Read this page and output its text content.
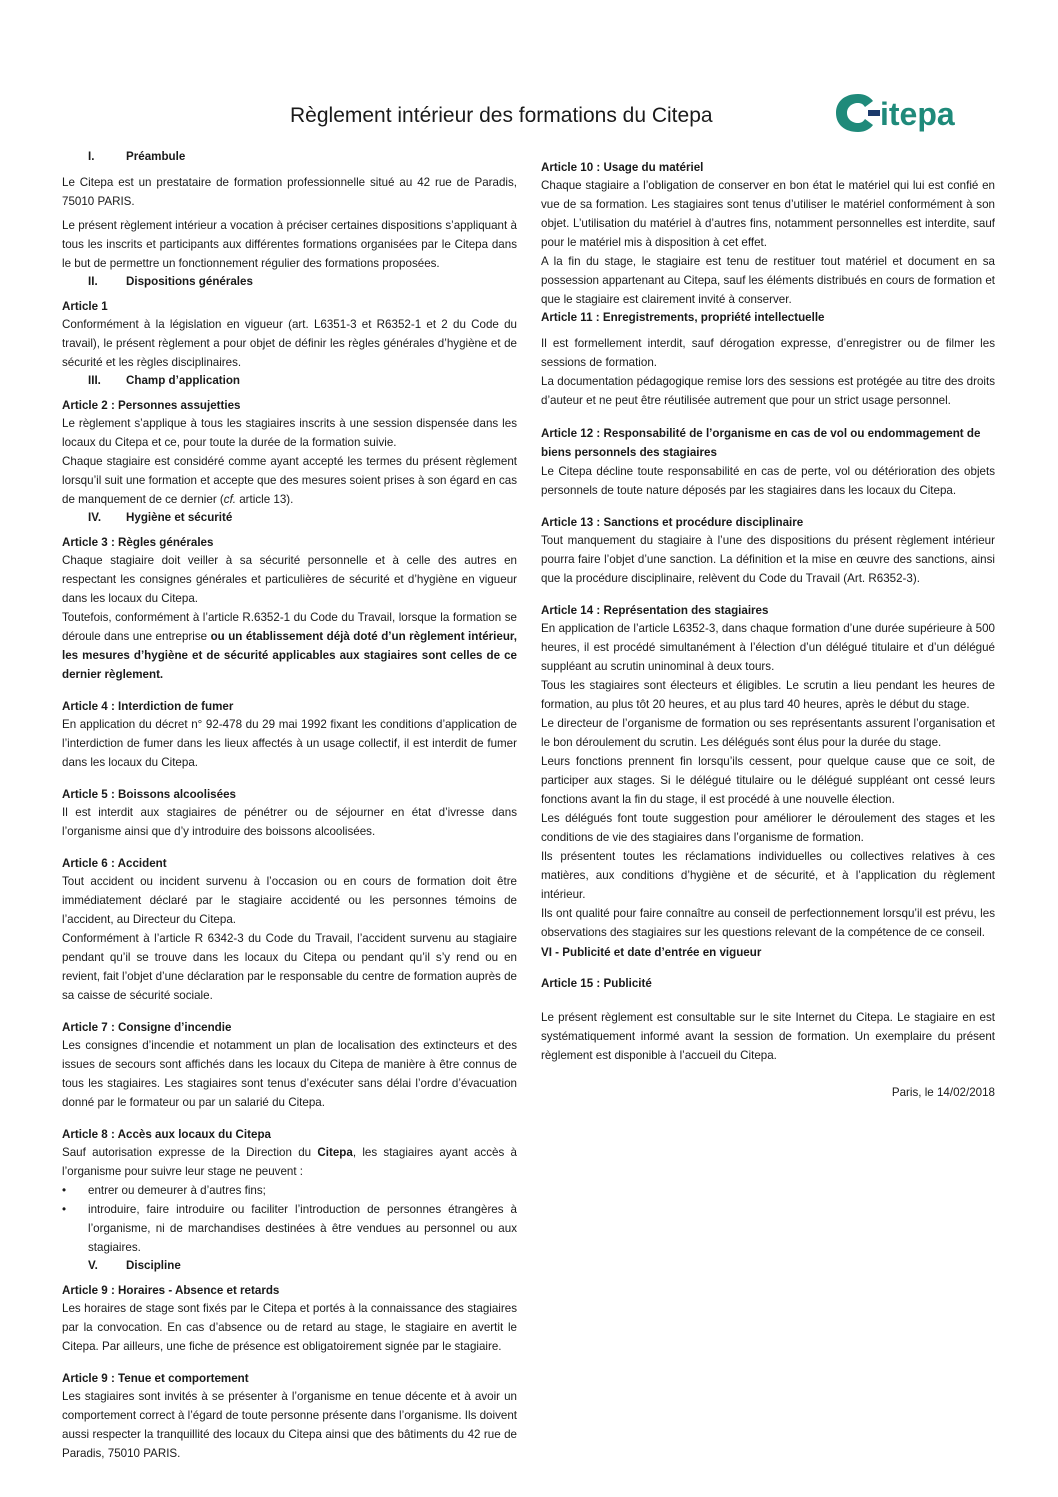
Règlement intérieur des formations du Citepa	itepa
I.	Préambule

Le Citepa est un prestataire de formation professionnelle situé au 42 rue de Paradis, 75010 PARIS.

Le présent règlement intérieur a vocation à préciser certaines dispositions s’appliquant à tous les inscrits et participants aux différentes formations organisées par le Citepa dans le but de permettre un fonctionnement régulier des formations proposées.

II.	Dispositions générales
Article 1

Conformément à la législation en vigueur (art. L6351-3 et R6352-1 et 2 du Code du travail), le présent règlement a pour objet de définir les règles générales d’hygiène et de sécurité et les règles disciplinaires.

III.	Champ d’application
Article 2 : Personnes assujetties

Le règlement s’applique à tous les stagiaires inscrits à une session dispensée dans les locaux du Citepa et ce, pour toute la durée de la formation suivie.

Chaque stagiaire est considéré comme ayant accepté les termes du présent règlement lorsqu’il suit une formation et accepte que des mesures soient prises à son égard en cas de manquement de ce dernier (cf. article 13).

IV.	Hygiène et sécurité
Article 3 : Règles générales

Chaque stagiaire doit veiller à sa sécurité personnelle et à celle des autres en respectant les consignes générales et particulières de sécurité et d’hygiène en vigueur dans les locaux du Citepa.

Toutefois, conformément à l’article R.6352-1 du Code du Travail, lorsque la formation se déroule dans une entreprise ou un établissement déjà doté d’un règlement intérieur, les mesures d’hygiène et de sécurité applicables aux stagiaires sont celles de ce dernier règlement.

Article 4 : Interdiction de fumer

En application du décret n° 92-478 du 29 mai 1992 fixant les conditions d’application de l’interdiction de fumer dans les lieux affectés à un usage collectif, il est interdit de fumer dans les locaux du Citepa.

Article 5 : Boissons alcoolisées

Il est interdit aux stagiaires de pénétrer ou de séjourner en état d’ivresse dans l’organisme ainsi que d’y introduire des boissons alcoolisées.

Article 6 : Accident

Tout accident ou incident survenu à l’occasion ou en cours de formation doit être immédiatement déclaré par le stagiaire accidenté ou les personnes témoins de l’accident, au Directeur du Citepa.

Conformément à l’article R 6342-3 du Code du Travail, l’accident survenu au stagiaire pendant qu’il se trouve dans les locaux du Citepa ou pendant qu’il s’y rend ou en revient, fait l’objet d’une déclaration par le responsable du centre de formation auprès de sa caisse de sécurité sociale.

Article 7 : Consigne d’incendie

Les consignes d’incendie et notamment un plan de localisation des extincteurs et des issues de secours sont affichés dans les locaux du Citepa de manière à être connus de tous les stagiaires. Les stagiaires sont tenus d’exécuter sans délai l’ordre d’évacuation donné par le formateur ou par un salarié du Citepa.

Article 8 : Accès aux locaux du Citepa

Sauf autorisation expresse de la Direction du Citepa, les stagiaires ayant accès à l’organisme pour suivre leur stage ne peuvent :

• entrer ou demeurer à d’autres fins;
• introduire, faire introduire ou faciliter l’introduction de personnes étrangères à l’organisme, ni de marchandises destinées à être vendues au personnel ou aux stagiaires.
V.	Discipline
Article 9 : Horaires - Absence et retards

Les horaires de stage sont fixés par le Citepa et portés à la connaissance des stagiaires par la convocation. En cas d’absence ou de retard au stage, le stagiaire en avertit le Citepa. Par ailleurs, une fiche de présence est obligatoirement signée par le stagiaire.

Article 9 : Tenue et comportement

Les stagiaires sont invités à se présenter à l’organisme en tenue décente et à avoir un comportement correct à l’égard de toute personne présente dans l’organisme. Ils doivent aussi respecter la tranquillité des locaux du Citepa ainsi que des bâtiments du 42 rue de Paradis, 75010 PARIS.

Article 10 : Usage du matériel

Chaque stagiaire a l’obligation de conserver en bon état le matériel qui lui est confié en vue de sa formation. Les stagiaires sont tenus d’utiliser le matériel conformément à son objet. L’utilisation du matériel à d’autres fins, notamment personnelles est interdite, sauf pour le matériel mis à disposition à cet effet.

A la fin du stage, le stagiaire est tenu de restituer tout matériel et document en sa possession appartenant au Citepa, sauf les éléments distribués en cours de formation et que le stagiaire est clairement invité à conserver.

Article 11 : Enregistrements, propriété intellectuelle

Il est formellement interdit, sauf dérogation expresse, d’enregistrer ou de filmer les sessions de formation.

La documentation pédagogique remise lors des sessions est protégée au titre des droits d’auteur et ne peut être réutilisée autrement que pour un strict usage personnel.

Article 12 : Responsabilité de l’organisme en cas de vol ou endommagement de biens personnels des stagiaires

Le Citepa décline toute responsabilité en cas de perte, vol ou détérioration des objets personnels de toute nature déposés par les stagiaires dans les locaux du Citepa.

Article 13 : Sanctions et procédure disciplinaire

Tout manquement du stagiaire à l’une des dispositions du présent règlement intérieur pourra faire l’objet d’une sanction. La définition et la mise en œuvre des sanctions, ainsi que la procédure disciplinaire, relèvent du Code du Travail (Art. R6352-3).

Article 14 : Représentation des stagiaires

En application de l’article L6352-3, dans chaque formation d’une durée supérieure à 500 heures, il est procédé simultanément à l’élection d’un délégué titulaire et d’un délégué suppléant au scrutin uninominal à deux tours.

Tous les stagiaires sont électeurs et éligibles. Le scrutin a lieu pendant les heures de formation, au plus tôt 20 heures, et au plus tard 40 heures, après le début du stage.

Le directeur de l’organisme de formation ou ses représentants assurent l’organisation et le bon déroulement du scrutin. Les délégués sont élus pour la durée du stage.

Leurs fonctions prennent fin lorsqu’ils cessent, pour quelque cause que ce soit, de participer aux stages. Si le délégué titulaire ou le délégué suppléant ont cessé leurs fonctions avant la fin du stage, il est procédé à une nouvelle élection.

Les délégués font toute suggestion pour améliorer le déroulement des stages et les conditions de vie des stagiaires dans l’organisme de formation.

Ils présentent toutes les réclamations individuelles ou collectives relatives à ces matières, aux conditions d’hygiène et de sécurité, et à l’application du règlement intérieur.

Ils ont qualité pour faire connaître au conseil de perfectionnement lorsqu’il est prévu, les observations des stagiaires sur les questions relevant de la compétence de ce conseil.

VI - Publicité et date d’entrée en vigueur
Article 15 : Publicité

Le présent règlement est consultable sur le site Internet du Citepa. Le stagiaire en est systématiquement informé avant la session de formation. Un exemplaire du présent règlement est disponible à l’accueil du Citepa.

Paris, le 14/02/2018
